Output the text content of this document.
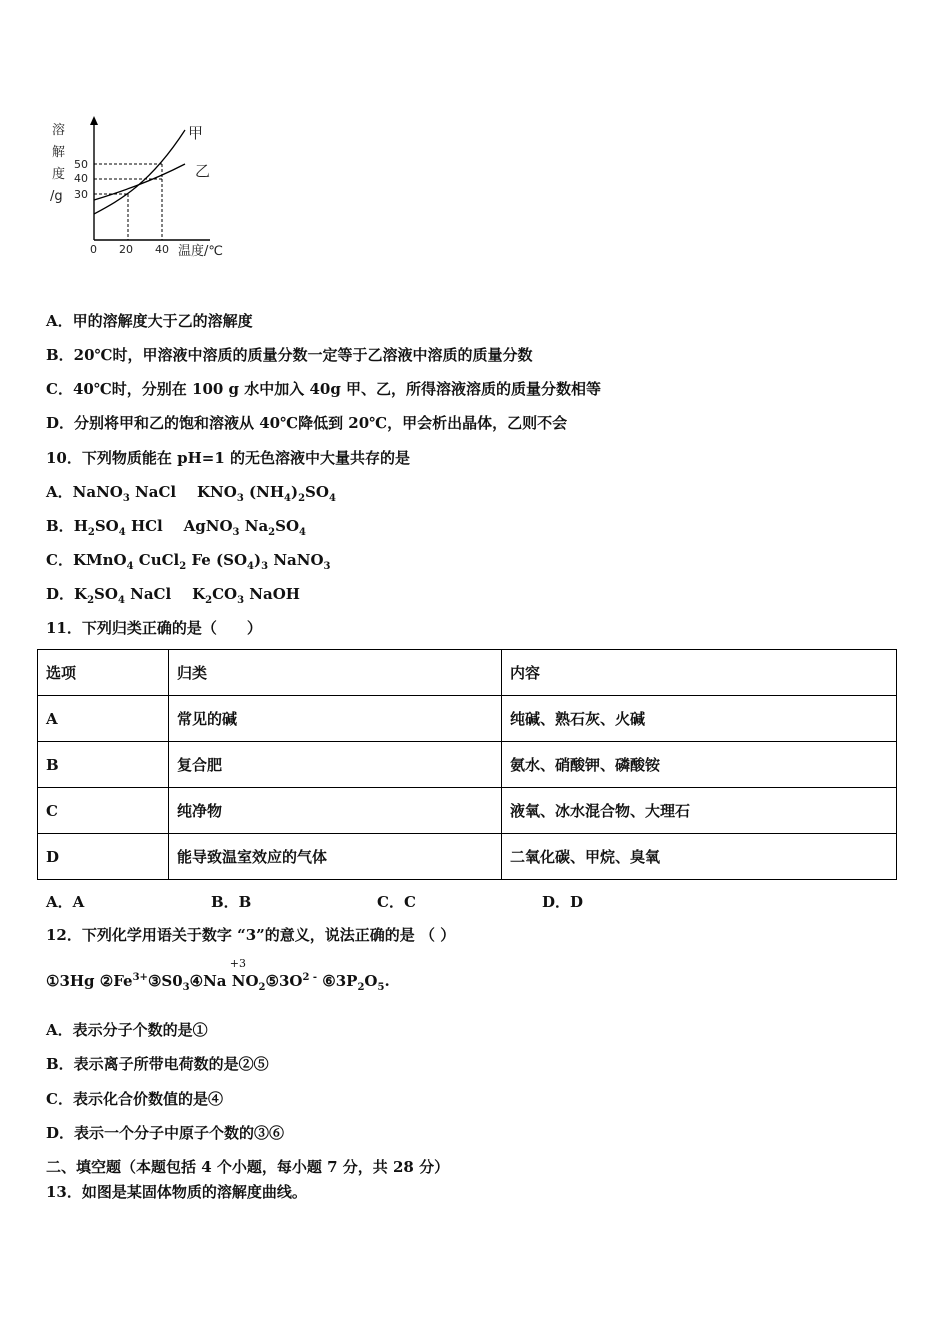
溶
解
度
/g
50
40
30
0 20 40 温度/℃
甲
乙
A．甲的溶解度大于乙的溶解度
B．20℃时，甲溶液中溶质的质量分数一定等于乙溶液中溶质的质量分数
C．40℃时，分别在 100 g 水中加入 40g 甲、乙，所得溶液溶质的质量分数相等
D．分别将甲和乙的饱和溶液从 40℃降低到 20℃，甲会析出晶体，乙则不会
10．下列物质能在 pH=1 的无色溶液中大量共存的是
A．NaNO$_3$ NaCl    $KNO_3$ $(NH_4)_2SO_4$
B．$H_2SO_4$ HCl    AgNO$_3$ $Na_2SO_4$
C．KMnO$_4$ CuCl$_2$ Fe $(SO_4)_3$ NaNO$_3$
D．$K_2SO_4$ NaCl    $K_2CO_3$ NaOH
11．下列归类正确的是（　　）
选项	归类	内容
A	常见的碱	纯碱、熟石灰、火碱
B	复合肥	氨水、硝酸钾、磷酸铵
C	纯净物	液氧、冰水混合物、大理石
D	能导致温室效应的气体	二氧化碳、甲烷、臭氧
A．A	B．B	C．C	D．D
12．下列化学用语关于数字 “3”的意义，说法正确的是 （ ）
①3Hg $②Fe^{3+}③S0_3④Na$
+3
$NO_2⑤3O^{2 -}$ $⑥3P_2O_5$.
A．表示分子个数的是①
B．表示离子所带电荷数的是②⑤
C．表示化合价数值的是④
D．表示一个分子中原子个数的③⑥
二、填空题（本题包括 4 个小题，每小题 7 分，共 28 分）
13．如图是某固体物质的溶解度曲线。
